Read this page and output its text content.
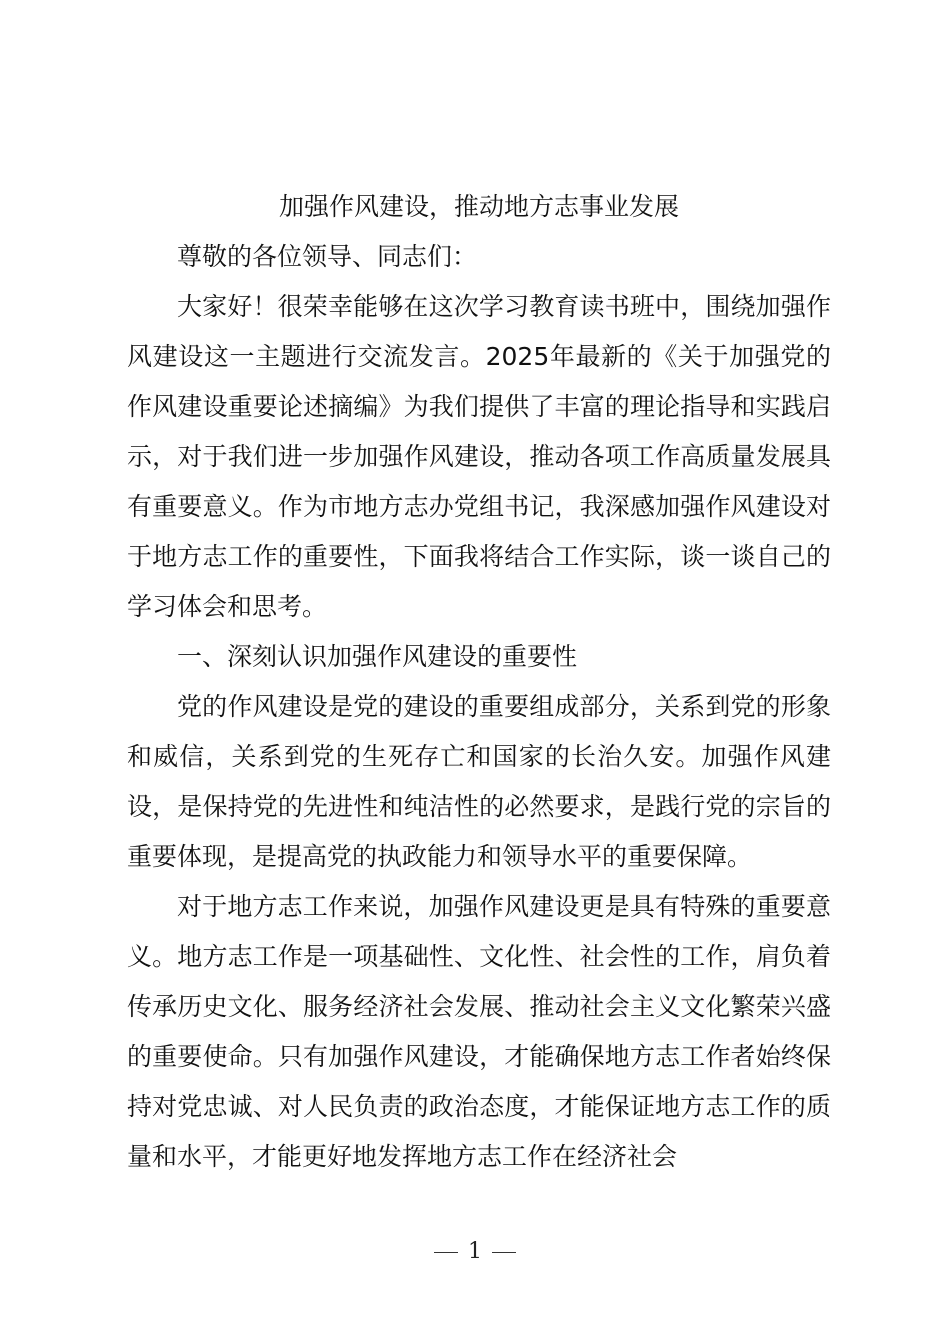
加强作风建设，推动地方志事业发展

尊敬的各位领导、同志们：

大家好！很荣幸能够在这次学习教育读书班中，围绕加强作风建设这一主题进行交流发言。2025年最新的《关于加强党的作风建设重要论述摘编》为我们提供了丰富的理论指导和实践启示，对于我们进一步加强作风建设，推动各项工作高质量发展具有重要意义。作为市地方志办党组书记，我深感加强作风建设对于地方志工作的重要性，下面我将结合工作实际，谈一谈自己的学习体会和思考。

一、深刻认识加强作风建设的重要性

党的作风建设是党的建设的重要组成部分，关系到党的形象和威信，关系到党的生死存亡和国家的长治久安。加强作风建设，是保持党的先进性和纯洁性的必然要求，是践行党的宗旨的重要体现，是提高党的执政能力和领导水平的重要保障。

对于地方志工作来说，加强作风建设更是具有特殊的重要意义。地方志工作是一项基础性、文化性、社会性的工作，肩负着传承历史文化、服务经济社会发展、推动社会主义文化繁荣兴盛的重要使命。只有加强作风建设，才能确保地方志工作者始终保持对党忠诚、对人民负责的政治态度，才能保证地方志工作的质量和水平，才能更好地发挥地方志工作在经济社会

1
